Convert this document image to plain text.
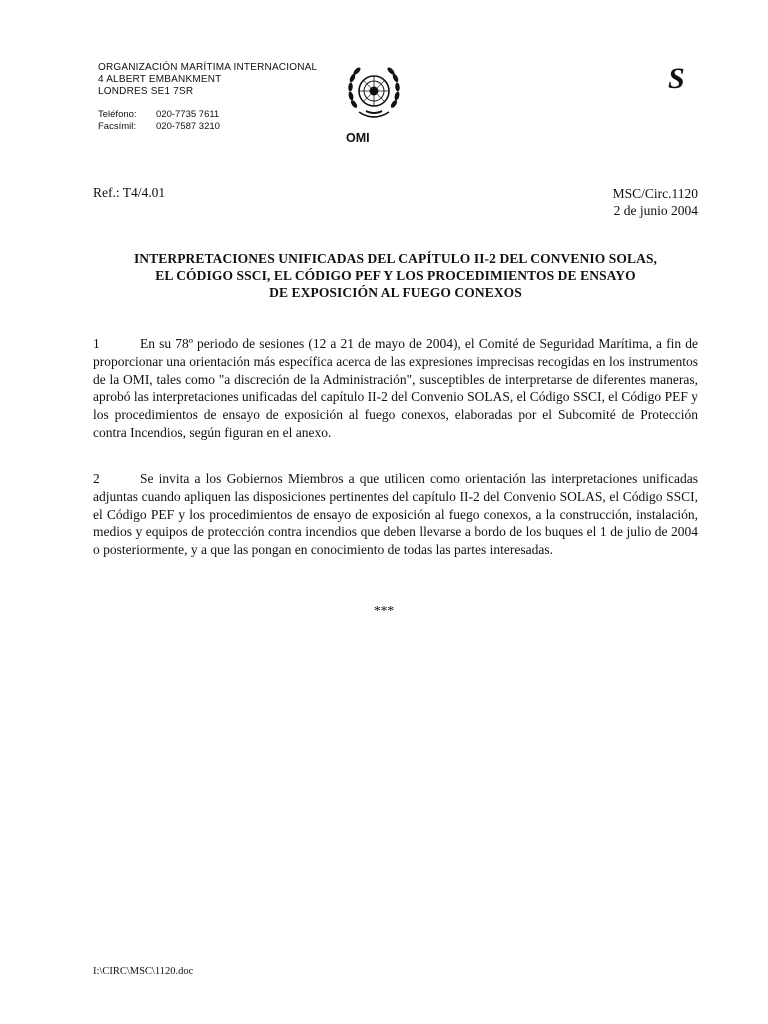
ORGANIZACIÓN MARÍTIMA INTERNACIONAL
4 ALBERT EMBANKMENT
LONDRES SE1 7SR
Teléfono:	020-7735 7611
Facsímil:	020-7587 3210
OMI
S
Ref.: T4/4.01	MSC/Circ.1120
2 de junio 2004
INTERPRETACIONES UNIFICADAS DEL CAPÍTULO II-2 DEL CONVENIO SOLAS,
EL CÓDIGO SSCI, EL CÓDIGO PEF Y LOS PROCEDIMIENTOS DE ENSAYO
DE EXPOSICIÓN AL FUEGO CONEXOS
1	En su 78º periodo de sesiones (12 a 21 de mayo de 2004), el Comité de Seguridad Marítima, a fin de proporcionar una orientación más específica acerca de las expresiones imprecisas recogidas en los instrumentos de la OMI, tales como "a discreción de la Administración", susceptibles de interpretarse de diferentes maneras, aprobó las interpretaciones unificadas del capítulo II-2 del Convenio SOLAS, el Código SSCI, el Código PEF y los procedimientos de ensayo de exposición al fuego conexos, elaboradas por el Subcomité de Protección contra Incendios, según figuran en el anexo.
2	Se invita a los Gobiernos Miembros a que utilicen como orientación las interpretaciones unificadas adjuntas cuando apliquen las disposiciones pertinentes del capítulo II-2 del Convenio SOLAS, el Código SSCI, el Código PEF y los procedimientos de ensayo de exposición al fuego conexos, a la construcción, instalación, medios y equipos de protección contra incendios que deben llevarse a bordo de los buques el 1 de julio de 2004 o posteriormente, y a que las pongan en conocimiento de todas las partes interesadas.
***
I:\CIRC\MSC\1120.doc
